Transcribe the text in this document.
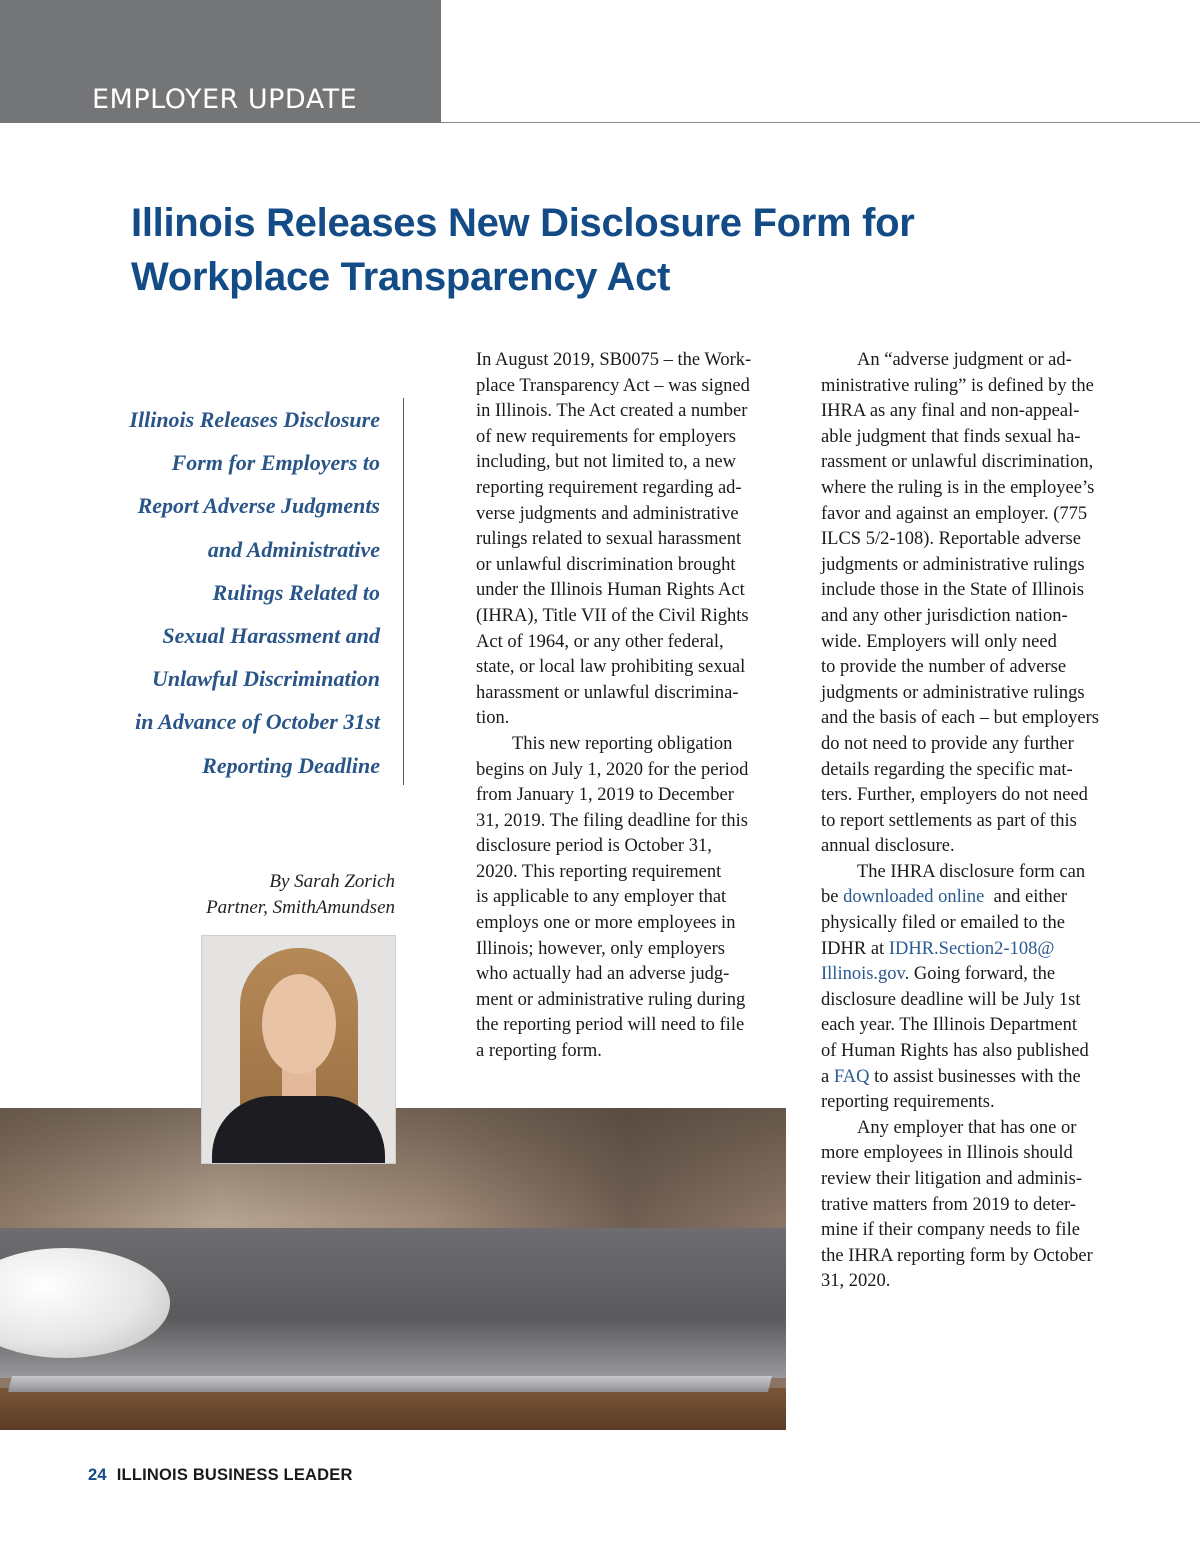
EMPLOYER UPDATE
Illinois Releases New Disclosure Form for
Workplace Transparency Act
Illinois Releases Disclosure
Form for Employers to
Report Adverse Judgments
and Administrative
Rulings Related to
Sexual Harassment and
Unlawful Discrimination
in Advance of October 31st
Reporting Deadline
By Sarah Zorich
Partner, SmithAmundsen
In August 2019, SB0075 – the Work-
place Transparency Act – was signed
in Illinois. The Act created a number
of new requirements for employers
including, but not limited to, a new
reporting requirement regarding ad-
verse judgments and administrative
rulings related to sexual harassment
or unlawful discrimination brought
under the Illinois Human Rights Act
(IHRA), Title VII of the Civil Rights
Act of 1964, or any other federal,
state, or local law prohibiting sexual
harassment or unlawful discrimina-
tion.
This new reporting obligation
begins on July 1, 2020 for the period
from January 1, 2019 to December
31, 2019. The filing deadline for this
disclosure period is October 31,
2020. This reporting requirement
is applicable to any employer that
employs one or more employees in
Illinois; however, only employers
who actually had an adverse judg-
ment or administrative ruling during
the reporting period will need to file
a reporting form.
An “adverse judgment or ad-
ministrative ruling” is defined by the
IHRA as any final and non-appeal-
able judgment that finds sexual ha-
rassment or unlawful discrimination,
where the ruling is in the employee’s
favor and against an employer. (775
ILCS 5/2-108). Reportable adverse
judgments or administrative rulings
include those in the State of Illinois
and any other jurisdiction nation-
wide. Employers will only need
to provide the number of adverse
judgments or administrative rulings
and the basis of each – but employers
do not need to provide any further
details regarding the specific mat-
ters. Further, employers do not need
to report settlements as part of this
annual disclosure.
The IHRA disclosure form can
be downloaded online  and either
physically filed or emailed to the
IDHR at IDHR.Section2-108@
Illinois.gov. Going forward, the
disclosure deadline will be July 1st
each year. The Illinois Department
of Human Rights has also published
a FAQ to assist businesses with the
reporting requirements.
Any employer that has one or
more employees in Illinois should
review their litigation and adminis-
trative matters from 2019 to deter-
mine if their company needs to file
the IHRA reporting form by October
31, 2020.
24 ILLINOIS BUSINESS LEADER
